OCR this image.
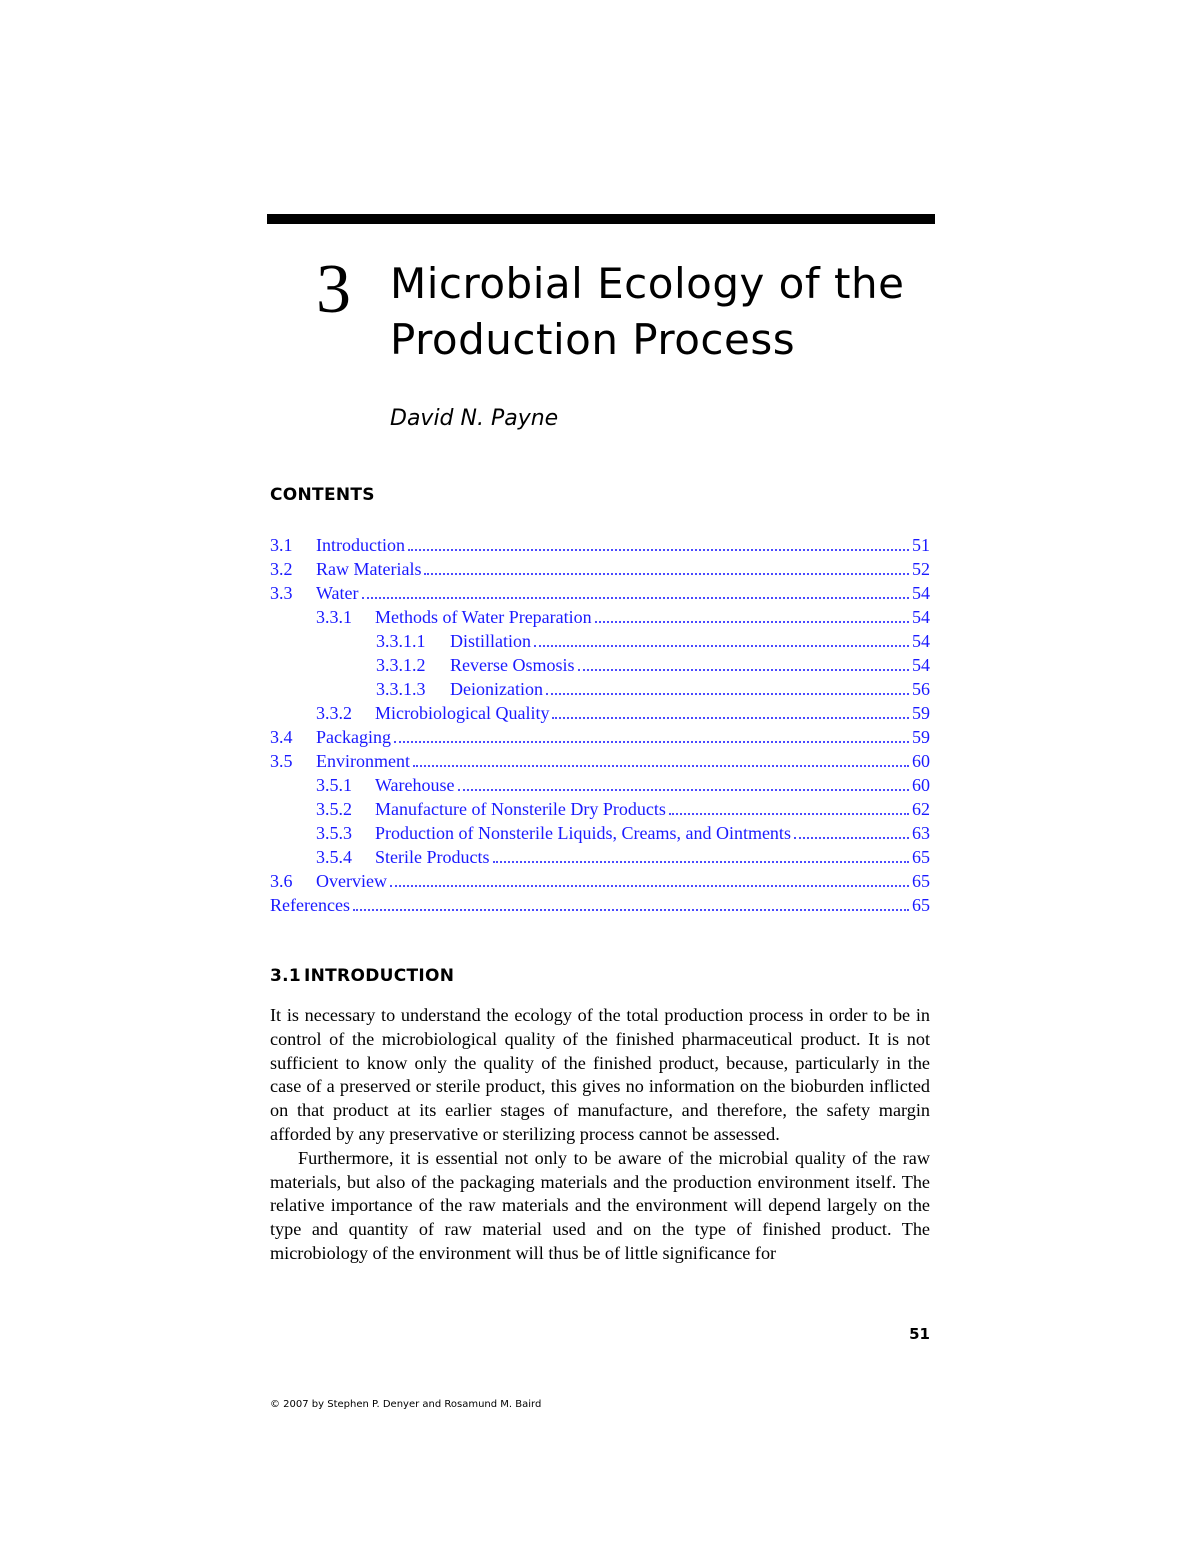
3 Microbial Ecology of the
Production Process
David N. Payne
CONTENTS
3.1	Introduction	51
3.2	Raw Materials	52
3.3	Water	54
3.3.1	Methods of Water Preparation	54
3.3.1.1	Distillation	54
3.3.1.2	Reverse Osmosis	54
3.3.1.3	Deionization	56
3.3.2	Microbiological Quality	59
3.4	Packaging	59
3.5	Environment	60
3.5.1	Warehouse	60
3.5.2	Manufacture of Nonsterile Dry Products	62
3.5.3	Production of Nonsterile Liquids, Creams, and Ointments	63
3.5.4	Sterile Products	65
3.6	Overview	65
References	65
3.1 INTRODUCTION

It is necessary to understand the ecology of the total production process in order to be in control of the microbiological quality of the finished pharmaceutical product. It is not sufficient to know only the quality of the finished product, because, particularly in the case of a preserved or sterile product, this gives no information on the bioburden inflicted on that product at its earlier stages of manufacture, and therefore, the safety margin afforded by any preservative or sterilizing process cannot be assessed.

Furthermore, it is essential not only to be aware of the microbial quality of the raw materials, but also of the packaging materials and the production environment itself. The relative importance of the raw materials and the environment will depend largely on the type and quantity of raw material used and on the type of finished product. The microbiology of the environment will thus be of little significance for

51
© 2007 by Stephen P. Denyer and Rosamund M. Baird
